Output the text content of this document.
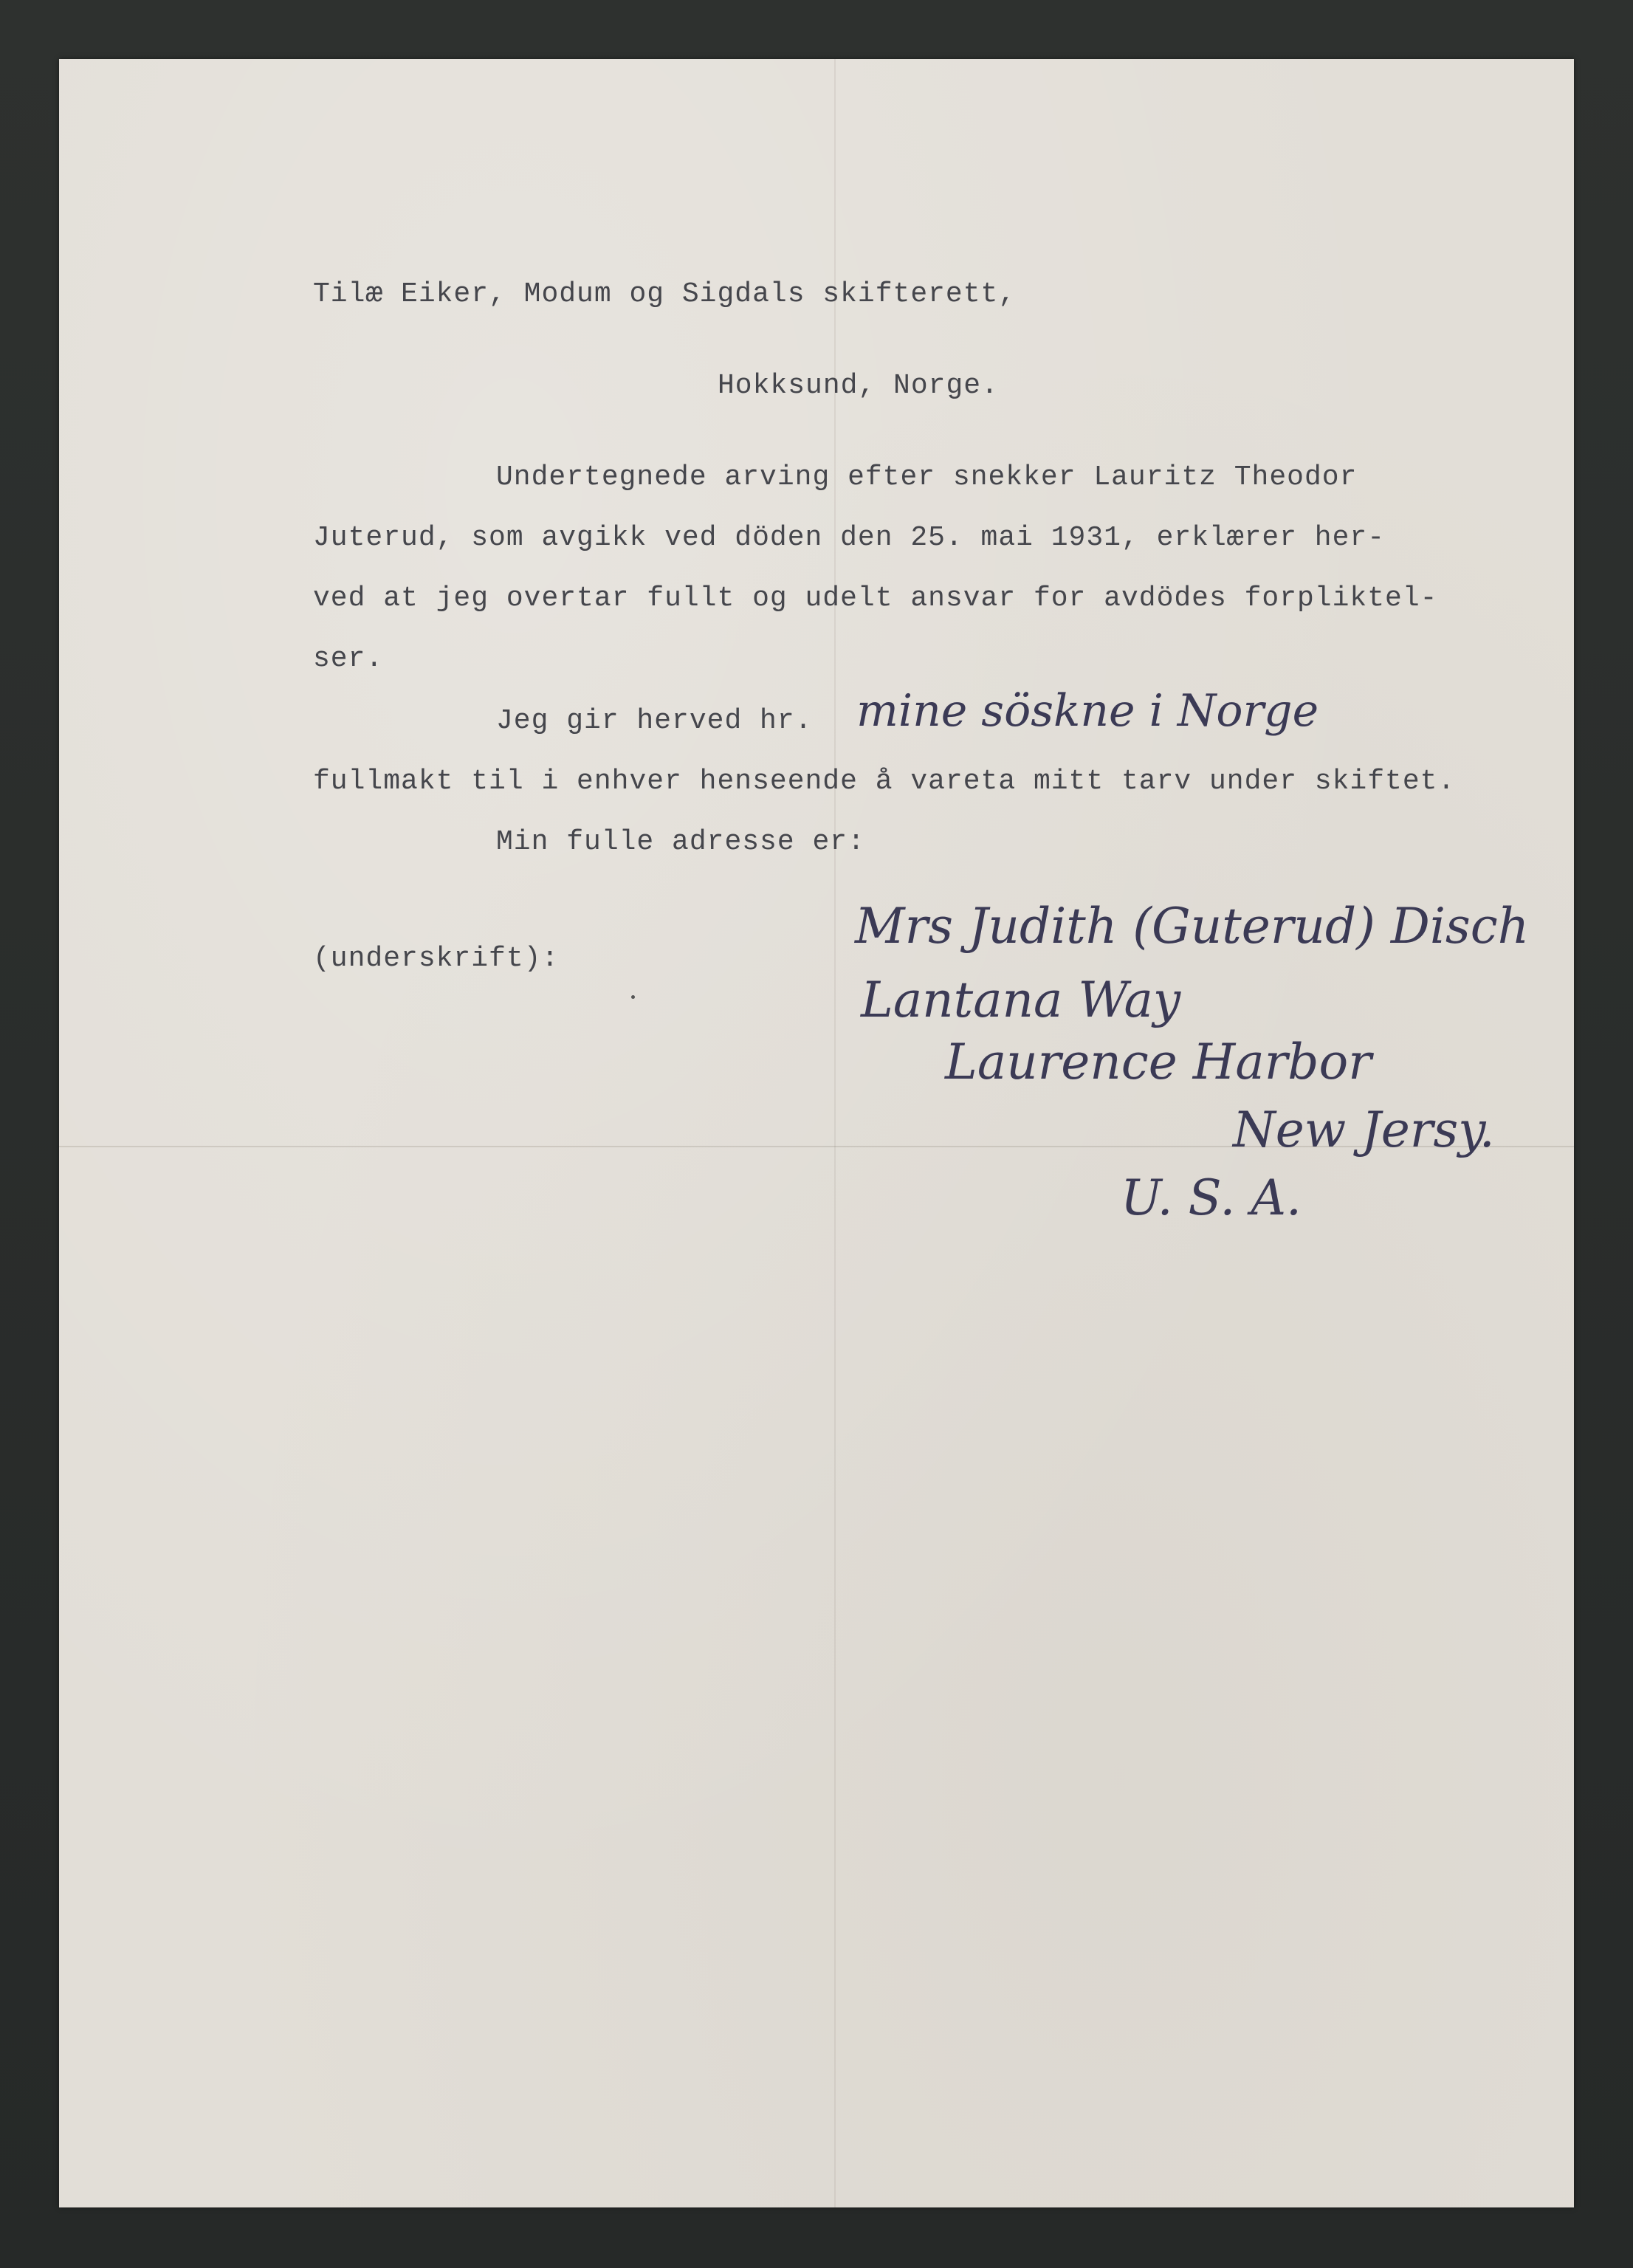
Tilæ Eiker, Modum og Sigdals skifterett,
Hokksund, Norge.
Undertegnede arving efter snekker Lauritz Theodor
Juterud, som avgikk ved döden den 25. mai 1931, erklærer her-
ved at jeg overtar fullt og udelt ansvar for avdödes forpliktel-
ser.
Jeg gir herved hr. mine söskne i Norge
fullmakt til i enhver henseende å vareta mitt tarv under skiftet.
Min fulle adresse er:
Mrs Judith (Guterud) Disch
Lantana Way
Laurence Harbor
New Jersy.
U. S. A.
(underskrift):
